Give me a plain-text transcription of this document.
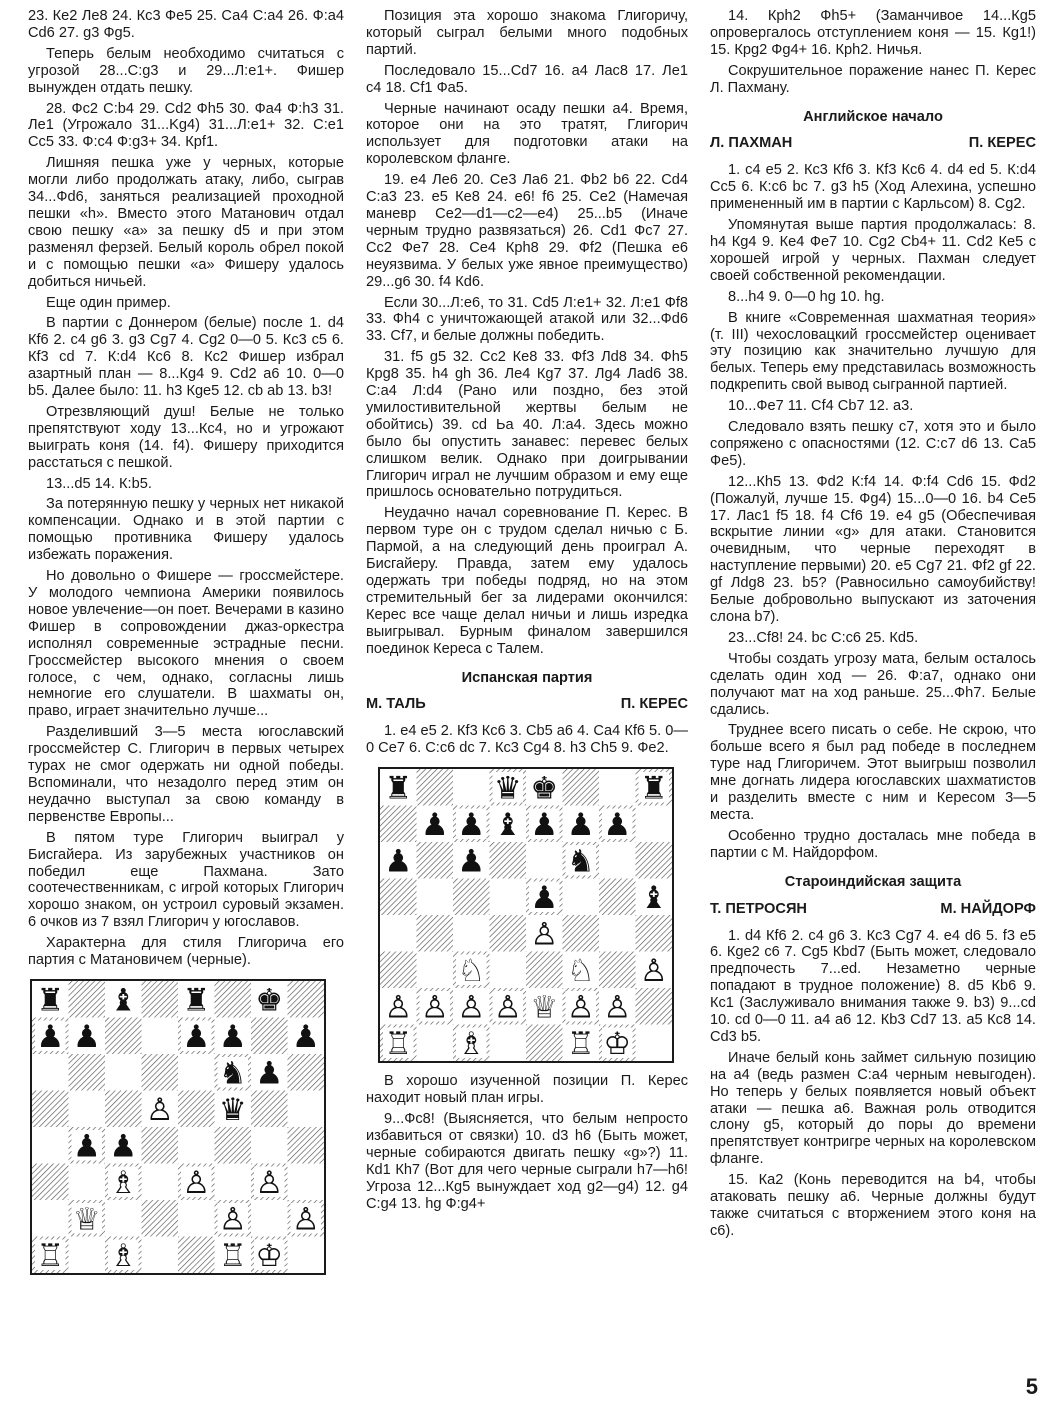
23. Ке2 Ле8 24. Кс3 Фе5 25. Са4 С:а4 26. Ф:а4 Cd6 27. g3 Фg5.

Теперь белым необходимо считаться с угрозой 28...С:g3 и 29...Л:е1+. Фишер вынужден отдать пешку.

28. Фс2 С:b4 29. Cd2 Фh5 30. Фа4 Ф:h3 31. Ле1 (Угрожало 31...Kg4) 31...Л:е1+ 32. С:е1 Сс5 33. Ф:с4 Ф:g3+ 34. Кpf1.

Лишняя пешка уже у черных, которые могли либо продолжать атаку, либо, сыграв 34...Фd6, заняться реализацией проходной пешки «h». Вместо этого Матанович отдал свою пешку «а» за пешку d5 и при этом разменял ферзей. Белый король обрел покой и с помощью пешки «а» Фишеру удалось добиться ничьей.

Еще один пример.

В партии с Доннером (белые) после 1. d4 Кf6 2. c4 g6 3. g3 Сg7 4. Сg2 0—0 5. Кс3 с5 6. Кf3 cd 7. К:d4 Кс6 8. Кс2 Фишер избрал азартный план — 8...Кg4 9. Cd2 а6 10. 0—0 b5. Далее было: 11. h3 Кge5 12. cb ab 13. b3!

Отрезвляющий душ! Белые не только препятствуют ходу 13...Кс4, но и угрожают выиграть коня (14. f4). Фишеру приходится расстаться с пешкой.

13...d5 14. К:b5.

За потерянную пешку у черных нет никакой компенсации. Однако и в этой партии с помощью противника Фишеру удалось избежать поражения.

Но довольно о Фишере — гроссмейстере. У молодого чемпиона Америки появилось новое увлечение—он поет. Вечерами в казино Фишер в сопровождении джаз-оркестра исполнял современные эстрадные песни. Гроссмейстер высокого мнения о своем голосе, с чем, однако, согласны лишь немногие его слушатели. В шахматы он, право, играет значительно лучше...

Разделивший 3—5 места югославский гроссмейстер С. Глигорич в первых четырех турах не смог одержать ни одной победы. Вспоминали, что незадолго перед этим он неудачно выступал за свою команду в первенстве Европы...

В пятом туре Глигорич выиграл у Бисгайера. Из зарубежных участников он победил еще Пахмана. Зато соотечественникам, с игрой которых Глигорич хорошо знаком, он устроил суровый экзамен. 6 очков из 7 взял Глигорич у югославов.

Характерна для стиля Глигорича его партия с Матановичем (черные).

♜ ♝ ♜ ♚
♟ ♟	♟ ♟ ♟
♞ ♟
♙ ♛
♟ ♟
♗ ♙ ♙
♕	♙ ♙
♖ ♗	♖ ♔

Позиция эта хорошо знакома Глигоричу, который сыграл белыми много подобных партий.

Последовало 15...Cd7 16. а4 Лас8 17. Ле1 с4 18. Сf1 Фа5.

Черные начинают осаду пешки а4. Время, которое они на это тратят, Глигорич использует для подготовки атаки на королевском фланге.

19. е4 Ле6 20. Се3 Ла6 21. Фb2 b6 22. Cd4 С:а3 23. е5 Ке8 24. е6! f6 25. Се2 (Намечая маневр Се2—d1—с2—е4) 25...b5 (Иначе черным трудно развязаться) 26. Cd1 Фс7 27. Сс2 Фе7 28. Се4 Кph8 29. Фf2 (Пешка е6 неуязвима. У белых уже явное преимущество) 29...g6 30. f4 Кd6.

Если 30...Л:е6, то 31. Cd5 Л:е1+ 32. Л:е1 Фf8 33. Фh4 с уничтожающей атакой или 32...Фd6 33. Cf7, и белые должны победить.

31. f5 g5 32. Сс2 Ке8 33. Фf3 Лd8 34. Фh5 Кpg8 35. h4 gh 36. Ле4 Кg7 37. Лg4 Лаd6 38. С:а4 Л:d4 (Рано или поздно, без этой умилостивительной жертвы белым не обойтись) 39. cd Ьа 40. Л:а4. Здесь можно было бы опустить занавес: перевес белых слишком велик. Однако при доигрывании Глигорич играл не лучшим образом и ему еще пришлось основательно потрудиться.

Неудачно начал соревнование П. Керес. В первом туре он с трудом сделал ничью с Б. Пармой, а на следующий день проиграл А. Бисгайеру. Правда, затем ему удалось одержать три победы подряд, но на этом стремительный бег за лидерами окончился: Керес все чаще делал ничьи и лишь изредка выигрывал. Бурным финалом завершился поединок Кереса с Талем.

Испанская партия
М. ТАЛЬ	П. КЕРЕС

1. е4 е5 2. Кf3 Кс6 3. Cb5 а6 4. Са4 Кf6 5. 0—0 Се7 6. С:с6 dc 7. Кс3 Сg4 8. h3 Ch5 9. Фе2.

♜	♛ ♚	♜
♟ ♟ ♝ ♟ ♟ ♟
♟ ♟	♞
♟	♝
♙
♘	♘ ♙
♙ ♙ ♙ ♙ ♕ ♙ ♙
♖ ♗	♖ ♔

В хорошо изученной позиции П. Керес находит новый план игры.

9...Фс8! (Выясняется, что белым непросто избавиться от связки) 10. d3 h6 (Быть может, черные собираются двигать пешку «g»?) 11. Кd1 Кh7 (Вот для чего черные сыграли h7—h6! Угроза 12...Кg5 вынуждает ход g2—g4) 12. g4 С:g4 13. hg Ф:g4+

14. Кph2 Фh5+ (Заманчивое 14...Кg5 опровергалось отступлением коня — 15. Кg1!) 15. Кpg2 Фg4+ 16. Кph2. Ничья.

Сокрушительное поражение нанес П. Керес Л. Пахману.

Английское начало
Л. ПАХМАН	П. КЕРЕС

1. с4 е5 2. Кс3 Кf6 3. Кf3 Кс6 4. d4 ed 5. К:d4 Сс5 6. К:с6 bc 7. g3 h5 (Ход Алехина, успешно примененный им в партии с Карльсом) 8. Сg2.

Упомянутая выше партия продолжалась: 8. h4 Кg4 9. Ке4 Фе7 10. Сg2 Cb4+ 11. Cd2 Ке5 с хорошей игрой у черных. Пахман следует своей собственной рекомендации.

8...h4 9. 0—0 hg 10. hg.

В книге «Современная шахматная теория» (т. III) чехословацкий гроссмейстер оценивает эту позицию как значительно лучшую для белых. Теперь ему представилась возможность подкрепить свой вывод сыгранной партией.

10...Фе7 11. Сf4 Cb7 12. а3.

Следовало взять пешку с7, хотя это и было сопряжено с опасностями (12. С:с7 d6 13. Са5 Фе5).

12...Кh5 13. Фd2 К:f4 14. Ф:f4 Cd6 15. Фd2 (Пожалуй, лучше 15. Фg4) 15...0—0 16. b4 Се5 17. Лас1 f5 18. f4 Сf6 19. е4 g5 (Обеспечивая вскрытие линии «g» для атаки. Становится очевидным, что черные переходят в наступление первыми) 20. е5 Сg7 21. Фf2 gf 22. gf Лdg8 23. b5? (Равносильно самоубийству! Белые добровольно выпускают из заточения слона b7).

23...Сf8! 24. bc С:с6 25. Кd5.

Чтобы создать угрозу мата, белым осталось сделать один ход — 26. Ф:а7, однако они получают мат на ход раньше. 25...Фh7. Белые сдались.

Труднее всего писать о себе. Не скрою, что больше всего я был рад победе в последнем туре над Глигоричем. Этот выигрыш позволил мне догнать лидера югославских шахматистов и разделить вместе с ним и Кересом 3—5 места.

Особенно трудно досталась мне победа в партии с М. Найдорфом.

Староиндийская защита
Т. ПЕТРОСЯН	М. НАЙДОРФ

1. d4 Кf6 2. с4 g6 3. Кс3 Сg7 4. е4 d6 5. f3 е5 6. Кgе2 с6 7. Сg5 Кbd7 (Быть может, следовало предпочесть 7...ed. Незаметно черные попадают в трудное положение) 8. d5 Кb6 9. Кс1 (Заслуживало внимания также 9. b3) 9...cd 10. cd 0—0 11. а4 а6 12. Кb3 Cd7 13. а5 Кс8 14. Cd3 b5.

Иначе белый конь займет сильную позицию на а4 (ведь размен С:а4 черным невыгоден). Но теперь у белых появляется новый объект атаки — пешка а6. Важная роль отводится слону g5, который до поры до времени препятствует контригре черных на королевском фланге.

15. Ка2 (Конь переводится на b4, чтобы атаковать пешку а6. Черные должны будут также считаться с вторжением этого коня на с6).

5
